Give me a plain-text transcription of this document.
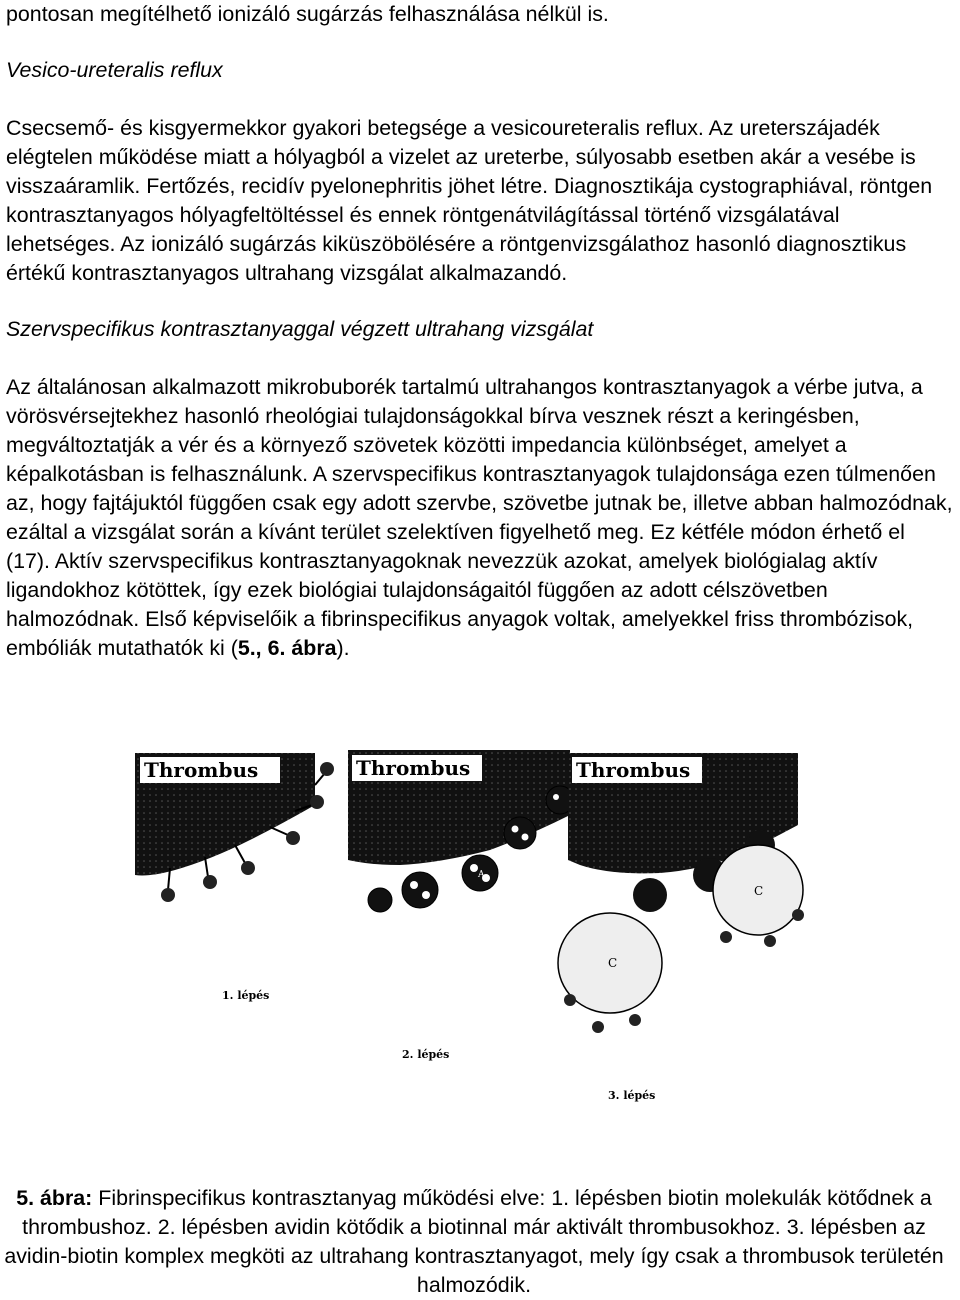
pontosan megítélhető ionizáló sugárzás felhasználása nélkül is.

Vesico-ureteralis reflux

Csecsemő- és kisgyermekkor gyakori betegsége a vesicoureteralis reflux. Az ureterszájadék elégtelen működése miatt a hólyagból a vizelet az ureterbe, súlyosabb esetben akár a vesébe is visszaáramlik. Fertőzés, recidív pyelonephritis jöhet létre. Diagnosztikája cystographiával, röntgen kontrasztanyagos hólyagfeltöltéssel és ennek röntgenátvilágítással történő vizsgálatával lehetséges. Az ionizáló sugárzás kiküszöbölésére a röntgenvizsgálathoz hasonló diagnosztikus értékű kontrasztanyagos ultrahang vizsgálat alkalmazandó.

Szervspecifikus kontrasztanyaggal végzett ultrahang vizsgálat

Az általánosan alkalmazott mikrobuborék tartalmú ultrahangos kontrasztanyagok a vérbe jutva, a vörösvérsejtekhez hasonló rheológiai tulajdonságokkal bírva vesznek részt a keringésben, megváltoztatják a vér és a környező szövetek közötti impedancia különbséget, amelyet a képalkotásban is felhasználunk. A szervspecifikus kontrasztanyagok tulajdonsága ezen túlmenően az, hogy fajtájuktól függően csak egy adott szervbe, szövetbe jutnak be, illetve abban halmozódnak, ezáltal a vizsgálat során a kívánt terület szelektíven figyelhető meg. Ez kétféle módon érhető el (17). Aktív szervspecifikus kontrasztanyagoknak nevezzük azokat, amelyek biológialag aktív ligandokhoz kötöttek, így ezek biológiai tulajdonságaitól függően az adott célszövetben halmozódnak. Első képviselőik a fibrinspecifikus anyagok voltak, amelyekkel friss thrombózisok, embóliák mutathatók ki (5., 6. ábra).

Thrombus
1. lépés
Thrombus
A
2. lépés
Thrombus
C
C
3. lépés

5. ábra: Fibrinspecifikus kontrasztanyag működési elve: 1. lépésben biotin molekulák kötődnek a thrombushoz. 2. lépésben avidin kötődik a biotinnal már aktivált thrombusokhoz. 3. lépésben az avidin-biotin komplex megköti az ultrahang kontrasztanyagot, mely így csak a thrombusok területén halmozódik.
